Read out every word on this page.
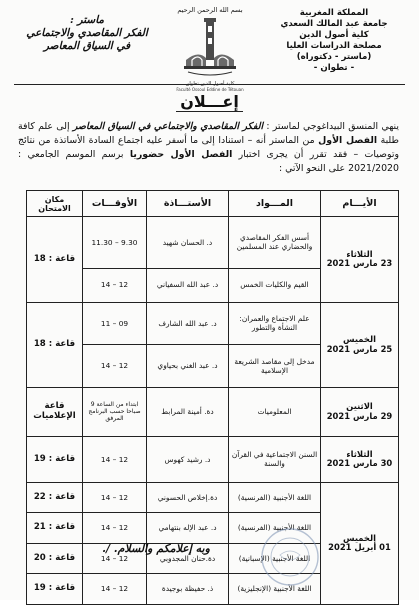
المملكة المغربية
جامعة عبد المالك السعدي
كلية أصول الدين
مصلحة الدراسات العليا
(ماستر - دكتوراه)
- تطوان -
بسم الله الرحمن الرحيم
كلية أصول الدين تطوان
Faculté Ossoul Eddine de Tétouan
ماستر :
الفكر المقاصدي والاجتماعي
في السياق المعاصر
إعـــلان
ينهي المنسق البيداغوجي لماستر : الفكر المقاصدي والاجتماعي في السياق المعاصر إلى علم كافة طلبة الفصل الأول من الماستر أنه – استنادا إلى ما أسفر عليه اجتماع السادة الأساتذة من نتائج وتوصيات – فقد تقرر أن يجرى اختبار الفصل الأول حضوريا برسم الموسم الجامعي : 2021/2020 على النحو الآتي :
الأيـــام	المـــواد	الأستـــاذة	الأوقـــات	مكان الامتحان

الثلاثاء
23 مارس 2021	أسس الفكر المقاصدي والحضاري عند المسلمين	د. الحسان شهيد	9.30 – 11.30	قاعة : 18
	القيم والكليات الخمس	د. عبد الله السفياني	12 – 14	

الخميس
25 مارس 2021	علم الاجتماع والعمران: النشأة والتطور	د. عبد الله الشارف	09 – 11	قاعة : 18
	مدخل إلى مقاصد الشريعة الإسلامية	د. عبد الغني بحياوي	12 – 14	

الاثنين
29 مارس 2021	المعلوميات	دة. أمينة المرابط	ابتداء من الساعة 9 صباحا حسب البرنامج المرفق	قاعة الإعلاميات

الثلاثاء
30 مارس 2021	السنن الاجتماعية في القرآن والسنة	د. رشيد كهوس	12 – 14	قاعة : 19

الخميس
01 أبريل 2021	اللغة الأجنبية (الفرنسية)	دة.إخلاص الحسوني	12 – 14	قاعة : 22
	اللغة الأجنبية (الفرنسية)	د. عبد الإله بنتهامي	12 – 14	قاعة : 21
	اللغة الأجنبية (الإسبانية)	دة.حنان المجدوبي	12 – 14	قاعة : 20
	اللغة الأجنبية (الإنجليزية)	ذ. حفيظة بوجيدة	12 – 14	قاعة : 19
وبه إعلامكم والسلام. /.
